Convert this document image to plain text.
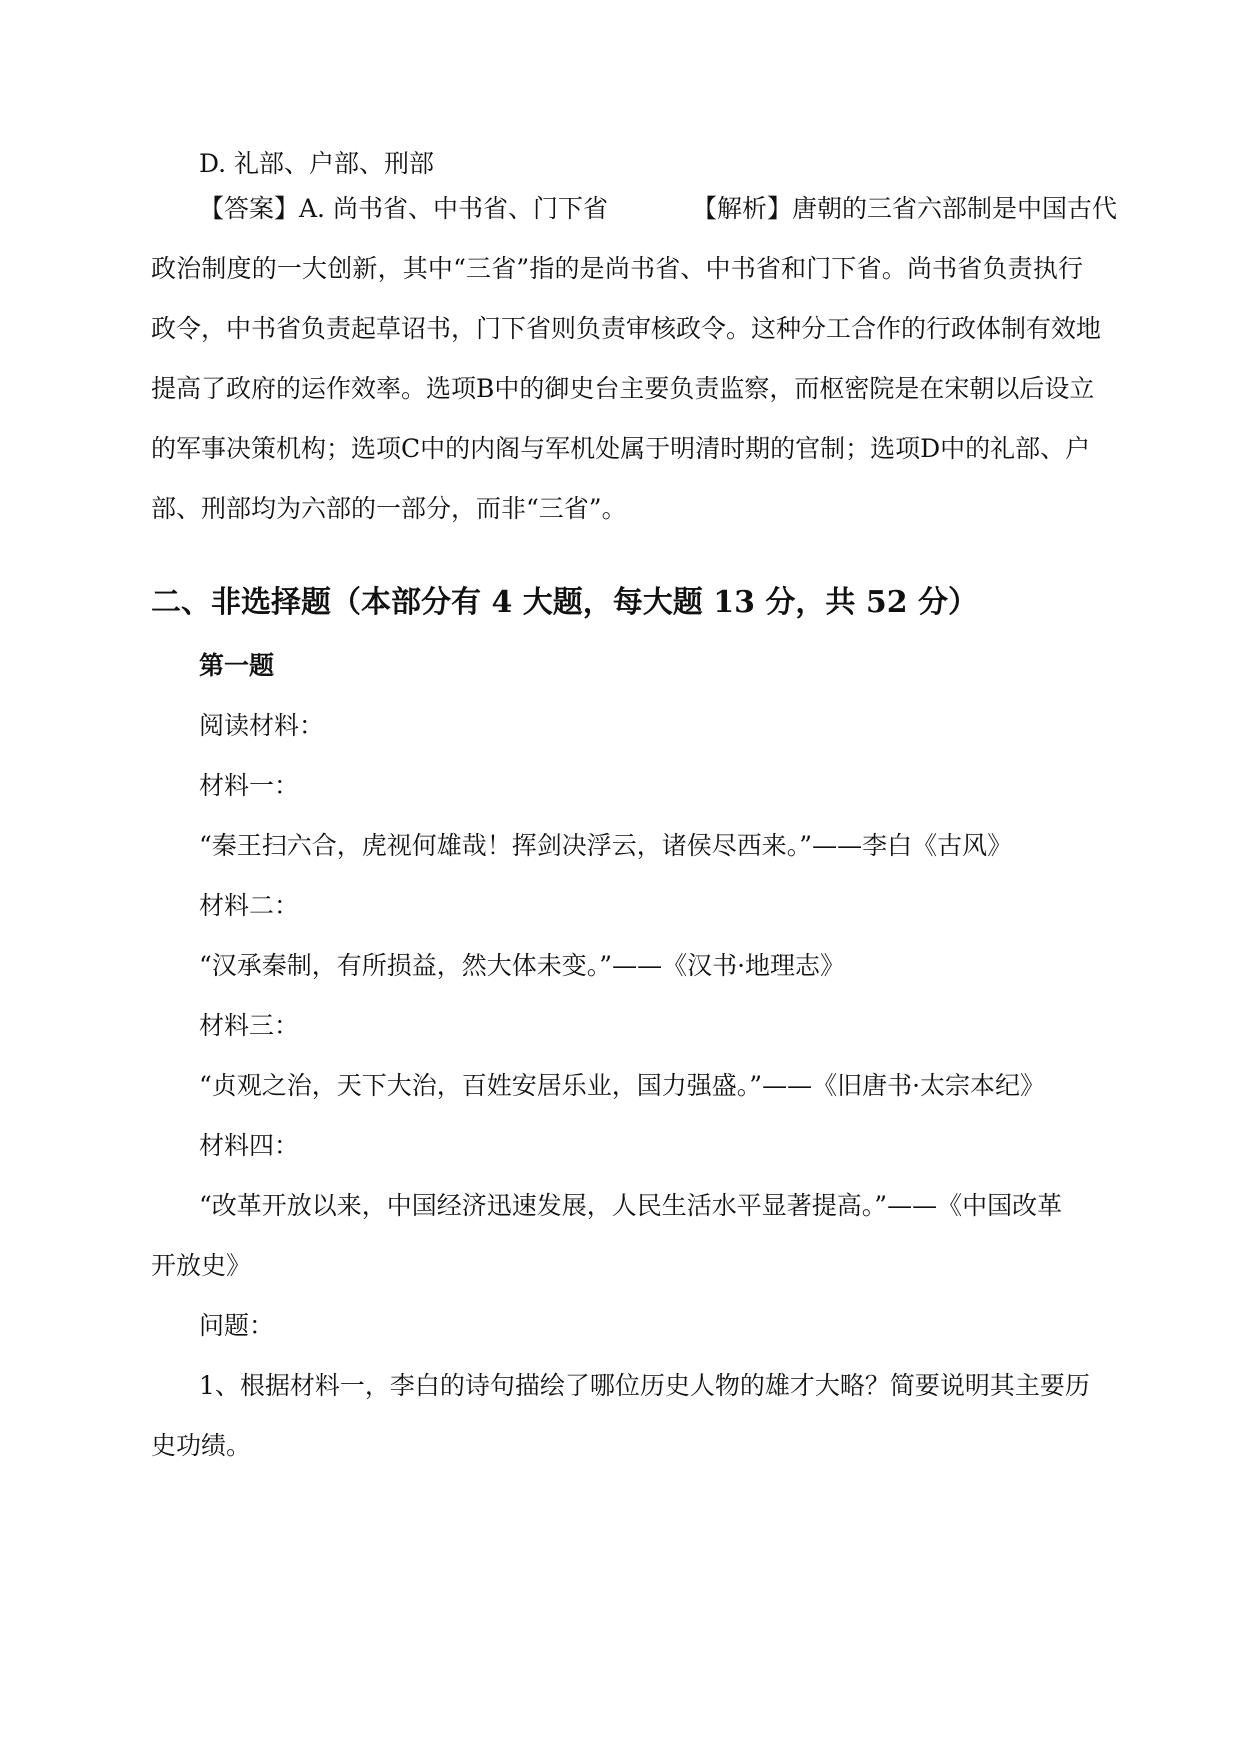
D. 礼部、户部、刑部
【答案】A. 尚书省、中书省、门下省	【解析】唐朝的三省六部制是中国古代
政治制度的一大创新，其中“三省”指的是尚书省、中书省和门下省。尚书省负责执行
政令，中书省负责起草诏书，门下省则负责审核政令。这种分工合作的行政体制有效地
提高了政府的运作效率。选项B中的御史台主要负责监察，而枢密院是在宋朝以后设立
的军事决策机构；选项C中的内阁与军机处属于明清时期的官制；选项D中的礼部、户
部、刑部均为六部的一部分，而非“三省”。
二、非选择题（本部分有 4 大题，每大题 13 分，共 52 分）
第一题
阅读材料：
材料一：
“秦王扫六合，虎视何雄哉！挥剑决浮云，诸侯尽西来。”——李白《古风》
材料二：
“汉承秦制，有所损益，然大体未变。”——《汉书·地理志》
材料三：
“贞观之治，天下大治，百姓安居乐业，国力强盛。”——《旧唐书·太宗本纪》
材料四：
“改革开放以来，中国经济迅速发展，人民生活水平显著提高。”——《中国改革
开放史》
问题：
1、根据材料一，李白的诗句描绘了哪位历史人物的雄才大略？简要说明其主要历
史功绩。
